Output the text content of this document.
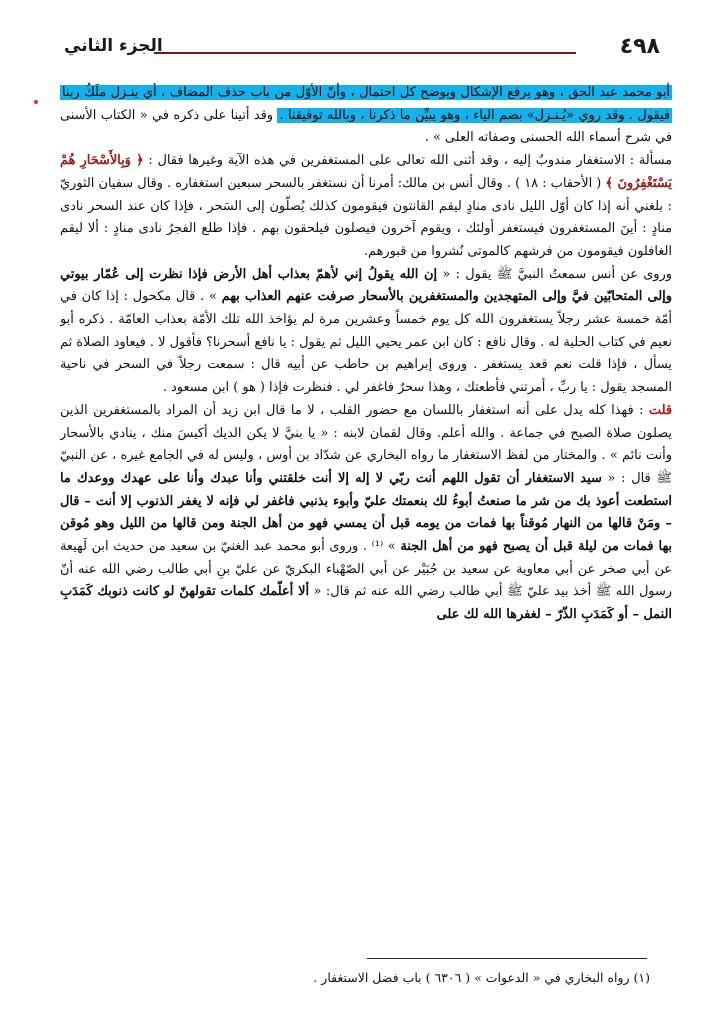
٤٩٨
الجزء الثاني

أبو محمد عبد الحق ، وهو يرفع الإشكال ويوضح كل احتمال ، وأنّ الأوّل من باب حذف المضاف ، أي ينـزل ملَكُ ربنا فيقول . وقد روي «يُـنـزل» بضم الياء ، وهو يبيِّن ما ذكرنا ، وبالله توفيقنا . وقد أتينا على ذكره في « الكتاب الأسنى في شرح أسماء الله الحسنى وصفاته العلى » .

مسألة : الاستغفار مندوبٌ إليه ، وقد أثنى الله تعالى على المستغفرين في هذه الآية وغيرها فقال : ﴿ وَبِالأَسْحَارِ هُمْ يَسْتَغْفِرُونَ ﴾ ( الأحقاب : ١٨ ) . وقال أنس بن مالك: أمرنا أن نستغفر بالسحر سبعين استغفاره . وقال سفيان الثوريّ : بلغني أنه إذا كان أوّل الليل نادى منادٍ ليقم القانتون فيقومون كذلك يُصلّون إلى السَحر ، فإذا كان عند السحر نادى منادٍ : أينَ المستغفرون فيستغفر أولئك ، ويقوم آخرون فيصلون فيلحقون بهم . فإذا طلع الفجرُ نادى منادٍ : ألا ليقم الغافلون فيقومون من فرشهم كالموتى نُشروا من قبورهم.

وروى عن أنس سمعتُ النبيَّ ﷺ يقول : « إن الله يقولُ إني لأهمّ بعذاب أهل الأرض فإذا نظرت إلى عُمّار بيوتي وإلى المتحابّين فيَّ وإلى المتهجدين والمستغفرين بالأسحار صرفت عنهم العذاب بهم » . قال مكحول : إذا كان في أمّة خمسة عشر رجلاً يستغفرون الله كل يوم خمساً وعشرين مرة لم يؤاخذ الله تلك الأمّة بعذاب العامّة . ذكره أبو نعيم في كتاب الحلية له . وقال نافع : كان ابن عمر يحيي الليل ثم يقول : يا نافع أسحرنا؟ فأقول لا . فيعاود الصلاة ثم يسأل ، فإذا قلت نعم قعد يستغفر . وروى إبراهيم بن حاطب عن أبيه قال : سمعت رجلاً في السحر في ناحية المسجد يقول : يا ربِّ ، أمرتني فأطعتك ، وهذا سحرٌ فاغفر لي . فنظرت فإذا ( هو ) ابن مسعود .

قلت : فهذا كله يدل على أنه استغفار باللسان مع حضور القلب ، لا ما قال ابن زيد أن المراد بالمستغفرين الذين يصلون صلاة الصبح في جماعة . والله أعلم. وقال لقمان لابنه : « يا بنيَّ لا يكن الديك أكيسَ منك ، ينادي بالأسحار وأنت نائم » . والمختار من لفظ الاستغفار ما رواه البخاري عن شدّاد بن أوس ، وليس له في الجامع غيره ، عن النبيّ ﷺ قال : « سيد الاستغفار أن تقول اللهم أنت ربّي لا إله إلا أنت خلقتني وأنا عبدك وأنا على عهدك ووعدك ما استطعت أعوذ بك من شر ما صنعتُ أبوءُ لك بنعمتك عليّ وأبوء بذنبي فاغفر لي فإنه لا يغفر الذنوب إلا أنت – قال – ومَنْ قالها من النهار مُوقناً بها فمات من يومه قبل أن يمسي فهو من أهل الجنة ومن قالها من الليل وهو مُوقن بها فمات من ليلة قبل أن يصبح فهو من أهل الجنة » ⁽¹⁾ . وروى أبو محمد عبد الغنيّ بن سعيد من حديث ابن لَهيعة عن أبي صخر عن أبي معاوية عن سعيد بن جُبَيْر عن أبي الصّهْباء البكريّ عن عليّ بنِ أبي طالب رضي الله عنه أنّ رسول الله ﷺ أخذ بيد عليّ ﷺ أبي طالب رضي الله عنه ثم قال: « ألا أعلّمك كلمات تقولهنّ لو كانت ذنوبك كَمَدَبِ النمل – أو كَمَدَبِ الذّرّ – لغفرها الله لك على

(١) رواه البخاري في « الدعوات » ( ٦٣٠٦ ) باب فضل الاستغفار .
